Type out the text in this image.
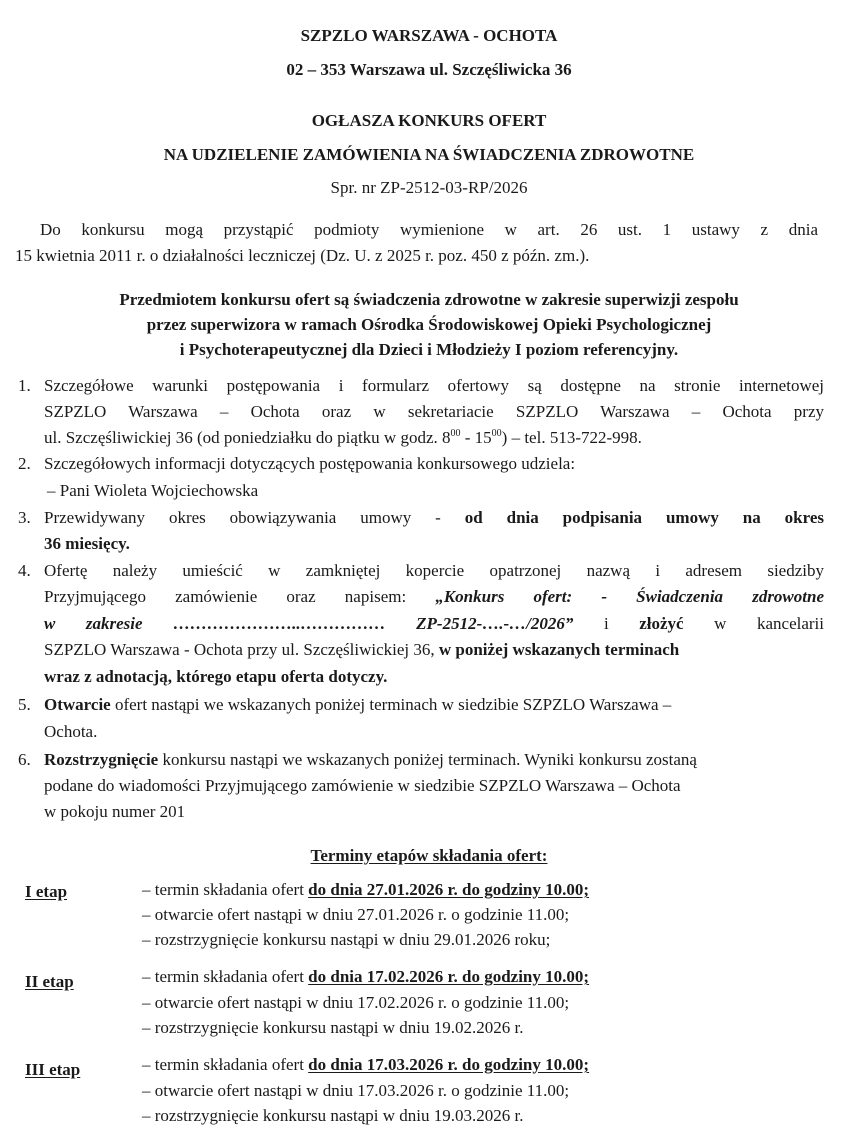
SZPZLO WARSZAWA - OCHOTA
02 – 353 Warszawa ul. Szczęśliwicka 36
OGŁASZA KONKURS OFERT
NA UDZIELENIE ZAMÓWIENIA NA ŚWIADCZENIA ZDROWOTNE
Spr. nr ZP-2512-03-RP/2026
Do konkursu mogą przystąpić podmioty wymienione w art. 26 ust. 1 ustawy z dnia
15 kwietnia 2011 r. o działalności leczniczej (Dz. U. z 2025 r. poz. 450 z późn. zm.).
Przedmiotem konkursu ofert są świadczenia zdrowotne w zakresie superwizji zespołu
przez superwizora w ramach Ośrodka Środowiskowej Opieki Psychologicznej
i Psychoterapeutycznej dla Dzieci i Młodzieży I poziom referencyjny.
1. Szczegółowe warunki postępowania i formularz ofertowy są dostępne na stronie internetowej
SZPZLO Warszawa – Ochota oraz w sekretariacie SZPZLO Warszawa – Ochota przy
ul. Szczęśliwickiej 36 (od poniedziałku do piątku w godz. $8^{00} - 15^{00}$) – tel. 513-722-998.
2. Szczegółowych informacji dotyczących postępowania konkursowego udziela:
– Pani Wioleta Wojciechowska
3. Przewidywany okres obowiązywania umowy - od dnia podpisania umowy na okres
36 miesięcy.
4. Ofertę należy umieścić w zamkniętej kopercie opatrzonej nazwą i adresem siedziby
Przyjmującego zamówienie oraz napisem: „Konkurs ofert: - Świadczenia zdrowotne
w zakresie …………………..…………… ZP-2512-….-…/2026” i złożyć w kancelarii
SZPZLO Warszawa - Ochota przy ul. Szczęśliwickiej 36, w poniżej wskazanych terminach
wraz z adnotacją, którego etapu oferta dotyczy.
5. Otwarcie ofert nastąpi we wskazanych poniżej terminach w siedzibie SZPZLO Warszawa –
Ochota.
6. Rozstrzygnięcie konkursu nastąpi we wskazanych poniżej terminach. Wyniki konkursu zostaną
podane do wiadomości Przyjmującego zamówienie w siedzibie SZPZLO Warszawa – Ochota
w pokoju numer 201
Terminy etapów składania ofert:
I etap	– termin składania ofert do dnia 27.01.2026 r. do godziny 10.00;
– otwarcie ofert nastąpi w dniu 27.01.2026 r. o godzinie 11.00;
– rozstrzygnięcie konkursu nastąpi w dniu 29.01.2026 roku;
II etap	– termin składania ofert do dnia 17.02.2026 r. do godziny 10.00;
– otwarcie ofert nastąpi w dniu 17.02.2026 r. o godzinie 11.00;
– rozstrzygnięcie konkursu nastąpi w dniu 19.02.2026 r.
III etap	– termin składania ofert do dnia 17.03.2026 r. do godziny 10.00;
– otwarcie ofert nastąpi w dniu 17.03.2026 r. o godzinie 11.00;
– rozstrzygnięcie konkursu nastąpi w dniu 19.03.2026 r.
